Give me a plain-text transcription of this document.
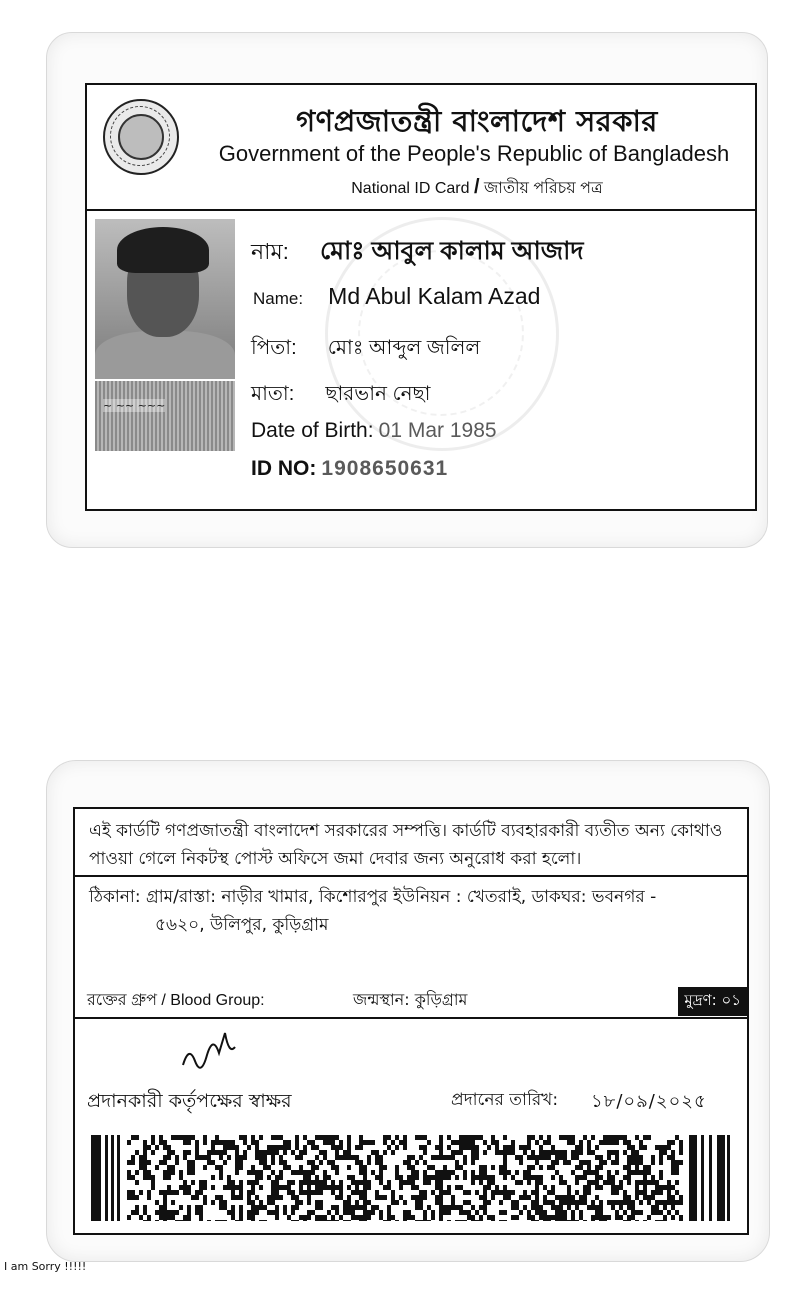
গণপ্রজাতন্ত্রী বাংলাদেশ সরকার
Government of the People's Republic of Bangladesh
National ID Card / জাতীয় পরিচয় পত্র
~ ~~ ~~~
নাম: মোঃ আবুল কালাম আজাদ
Name: Md Abul Kalam Azad
পিতা: মোঃ আব্দুল জলিল
মাতা: ছারভান নেছা
Date of Birth: 01 Mar 1985
ID NO: 1908650631
এই কার্ডটি গণপ্রজাতন্ত্রী বাংলাদেশ সরকারের সম্পত্তি। কার্ডটি ব্যবহারকারী ব্যতীত অন্য কোথাও পাওয়া গেলে নিকটস্থ পোস্ট অফিসে জমা দেবার জন্য অনুরোধ করা হলো।
ঠিকানা: গ্রাম/রাস্তা: নাড়ীর খামার, কিশোরপুর ইউনিয়ন : খেতরাই, ডাকঘর: ভবনগর -
৫৬২০, উলিপুর, কুড়িগ্রাম
রক্তের গ্রুপ / Blood Group:	জন্মস্থান: কুড়িগ্রাম	মুদ্রণ: ০১
প্রদানকারী কর্তৃপক্ষের স্বাক্ষর	প্রদানের তারিখ: ১৮/০৯/২০২৫
I am Sorry !!!!!
